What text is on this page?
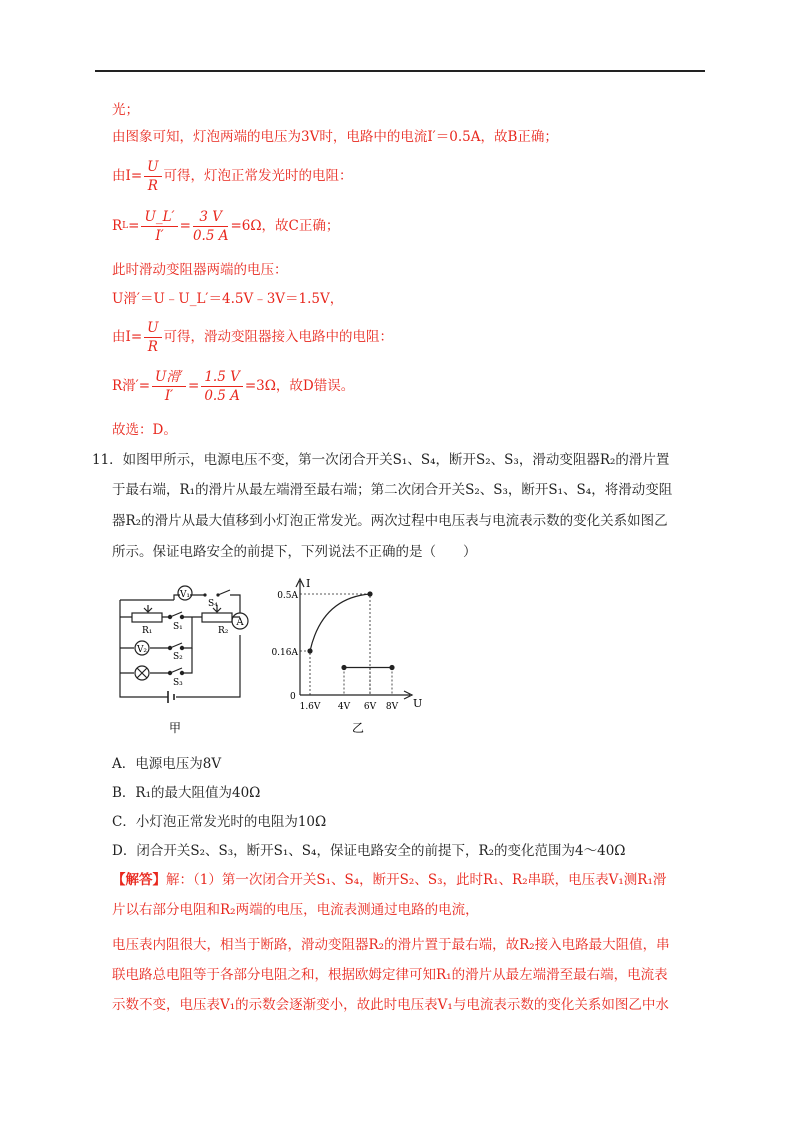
光；
由图象可知，灯泡两端的电压为3V时，电路中的电流I′＝0.5A，故B正确；
由$I= \frac{U}{R}$ 可得，灯泡正常发光时的电阻：
R $L = \frac{U\_L'}{I'} = \frac{3 V}{0.5 A} =6\Omega$，故C正确；
此时滑动变阻器两端的电压：
U滑′＝U﹣U_L′＝4.5V﹣3V＝1.5V，
由$I= \frac{U}{R}$ 可得，滑动变阻器接入电路中的电阻：
R滑′= $\frac{\text{U滑′}}{I'} = \frac{1.5 V}{0.5 A} =3\Omega$，故D错误。
故选：D。
11．如图甲所示，电源电压不变，第一次闭合开关S₁、S₄，断开S₂、S₃，滑动变阻器R₂的滑片置
于最右端，R₁的滑片从最左端滑至最右端；第二次闭合开关S₂、S₃，断开S₁、S₄，将滑动变阻
器R₂的滑片从最大值移到小灯泡正常发光。两次过程中电压表与电流表示数的变化关系如图乙
所示。保证电路安全的前提下，下列说法不正确的是（　　）
V₁
A
V₂
S₄
R₁	R₂
S₁
S₂
S₃
甲
I
U
0
0.5A
0.16A
1.6V 4V 6V 8V
乙
A．电源电压为8V
B．R₁的最大阻值为40Ω
C．小灯泡正常发光时的电阻为10Ω
D．闭合开关S₂、S₃，断开S₁、S₄，保证电路安全的前提下，R₂的变化范围为4～40Ω
【解答】解：（1）第一次闭合开关S₁、S₄，断开S₂、S₃，此时R₁、R₂串联，电压表V₁测R₁滑
片以右部分电阻和R₂两端的电压，电流表测通过电路的电流，
电压表内阻很大，相当于断路，滑动变阻器R₂的滑片置于最右端，故R₂接入电路最大阻值，串
联电路总电阻等于各部分电阻之和，根据欧姆定律可知R₁的滑片从最左端滑至最右端，电流表
示数不变，电压表V₁的示数会逐渐变小，故此时电压表V₁与电流表示数的变化关系如图乙中水
